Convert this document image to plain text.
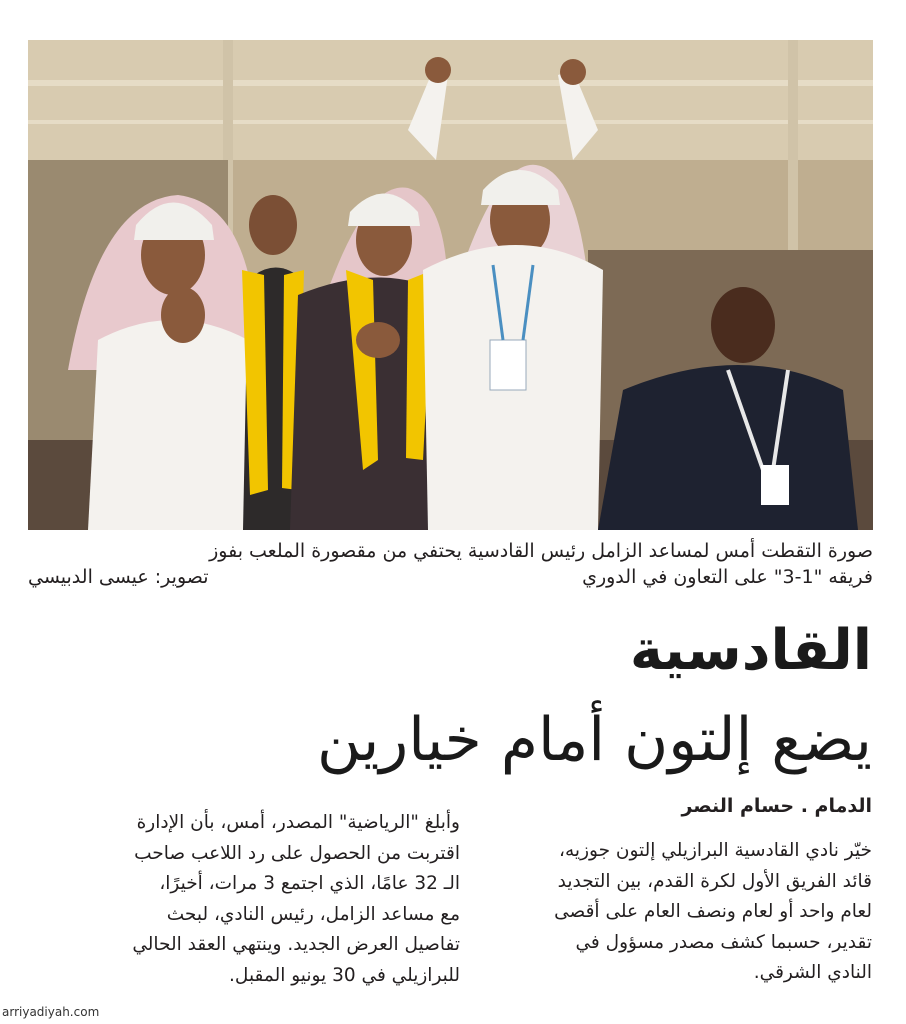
صورة التقطت أمس لمساعد الزامل رئيس القادسية يحتفي من مقصورة الملعب بفوز
فريقه "1-3" على التعاون في الدوري
تصوير: عيسى الدبيسي
القادسية
يضع إلتون أمام خيارين
الدمام . حسام النصر
خيّر نادي القادسية البرازيلي إلتون جوزيه،
قائد الفريق الأول لكرة القدم، بين التجديد
لعام واحد أو لعام ونصف العام على أقصى
تقدير، حسبما كشف مصدر مسؤول في
النادي الشرقي.
وأبلغ "الرياضية" المصدر، أمس، بأن الإدارة
اقتربت من الحصول على رد اللاعب صاحب
الـ 32 عامًا، الذي اجتمع 3 مرات، أخيرًا،
مع مساعد الزامل، رئيس النادي، لبحث
تفاصيل العرض الجديد. وينتهي العقد الحالي
للبرازيلي في 30 يونيو المقبل.
arriyadiyah.com
